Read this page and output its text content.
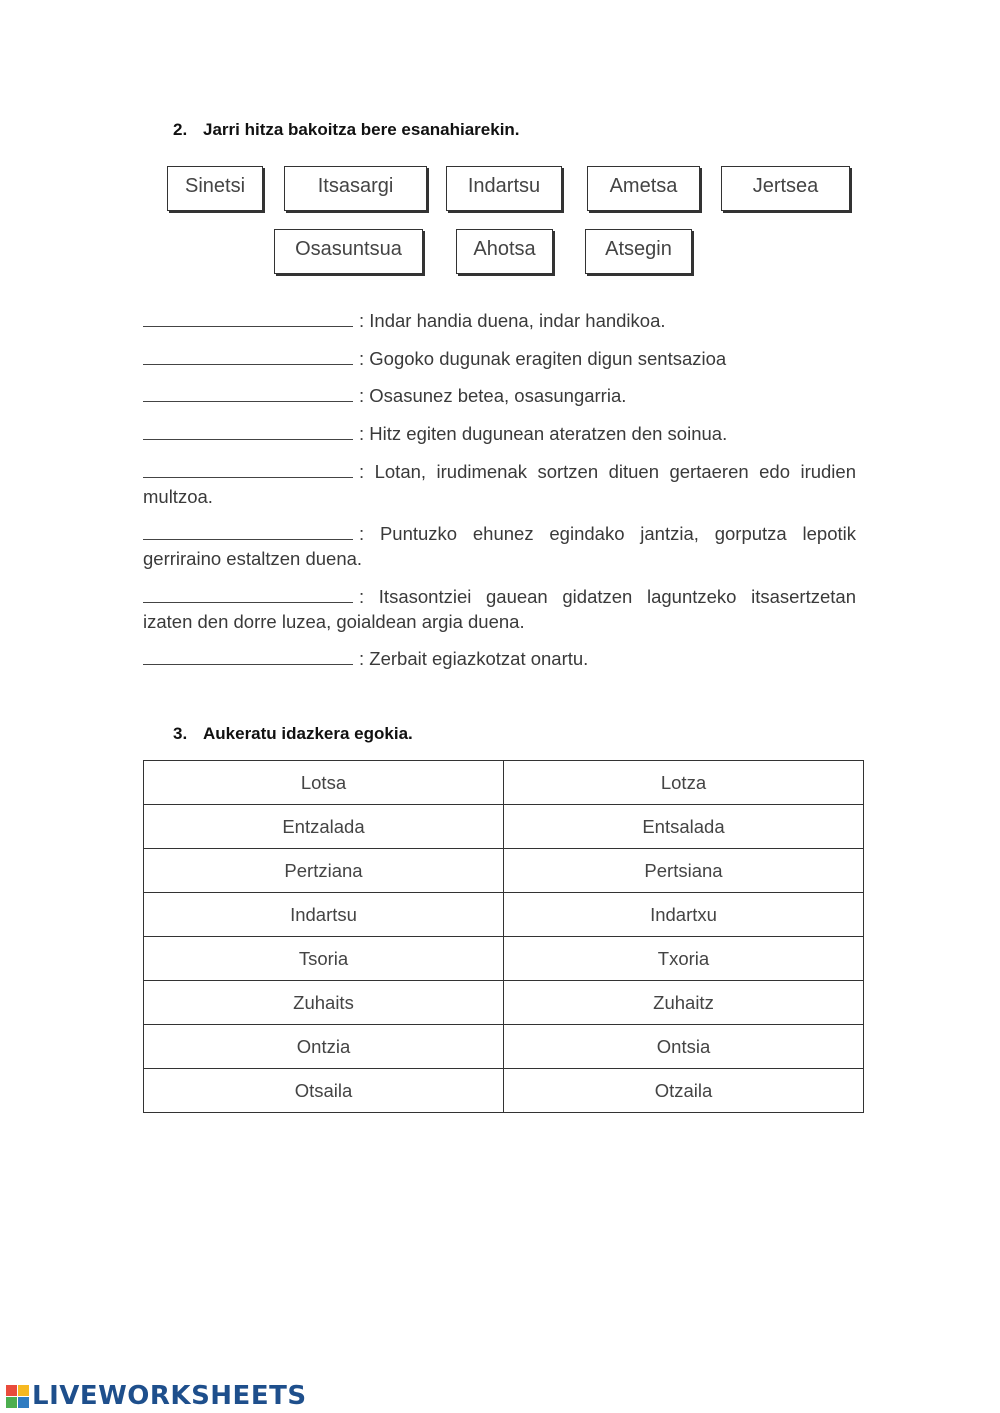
2. Jarri hitza bakoitza bere esanahiarekin.
Sinetsi	Itsasargi	Indartsu	Ametsa	Jertsea
Osasuntsua	Ahotsa	Atsegin
: Indar handia duena, indar handikoa.
: Gogoko dugunak eragiten digun sentsazioa
: Osasunez betea, osasungarria.
: Hitz egiten dugunean ateratzen den soinua.
: Lotan, irudimenak sortzen dituen gertaeren edo irudien multzoa.
: Puntuzko ehunez egindako jantzia, gorputza lepotik gerriraino estaltzen duena.
: Itsasontziei gauean gidatzen laguntzeko itsasertzetan izaten den dorre luzea, goialdean argia duena.
: Zerbait egiazkotzat onartu.
3. Aukeratu idazkera egokia.
Lotsa	Lotza
Entzalada	Entsalada
Pertziana	Pertsiana
Indartsu	Indartxu
Tsoria	Txoria
Zuhaits	Zuhaitz
Ontzia	Ontsia
Otsaila	Otzaila
LIVEWORKSHEETS
